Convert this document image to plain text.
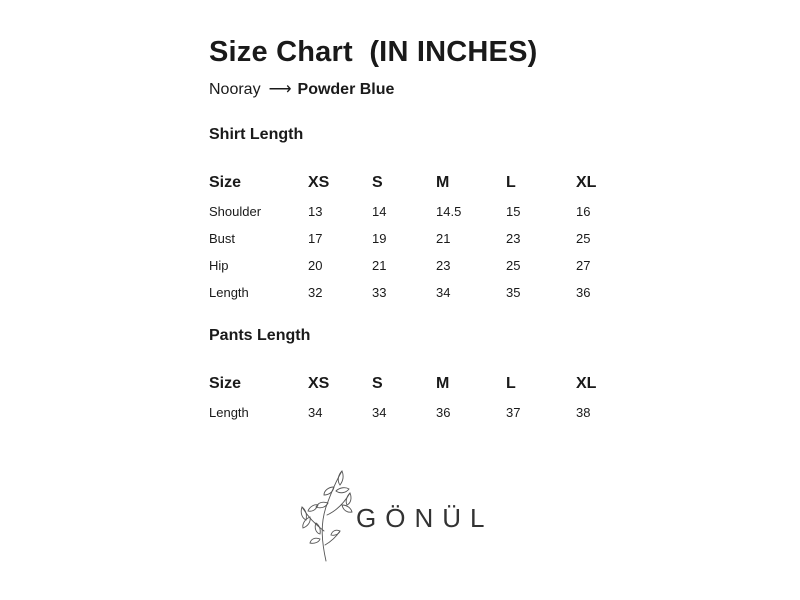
Size Chart  (IN INCHES)
Nooray ⟶ Powder Blue
Shirt Length
Size	XS	S	M	L	XL
Shoulder	13	14	14.5	15	16
Bust	17	19	21	23	25
Hip	20	21	23	25	27
Length	32	33	34	35	36
Pants Length
Size	XS	S	M	L	XL
Length	34	34	36	37	38
GÖNÜL
